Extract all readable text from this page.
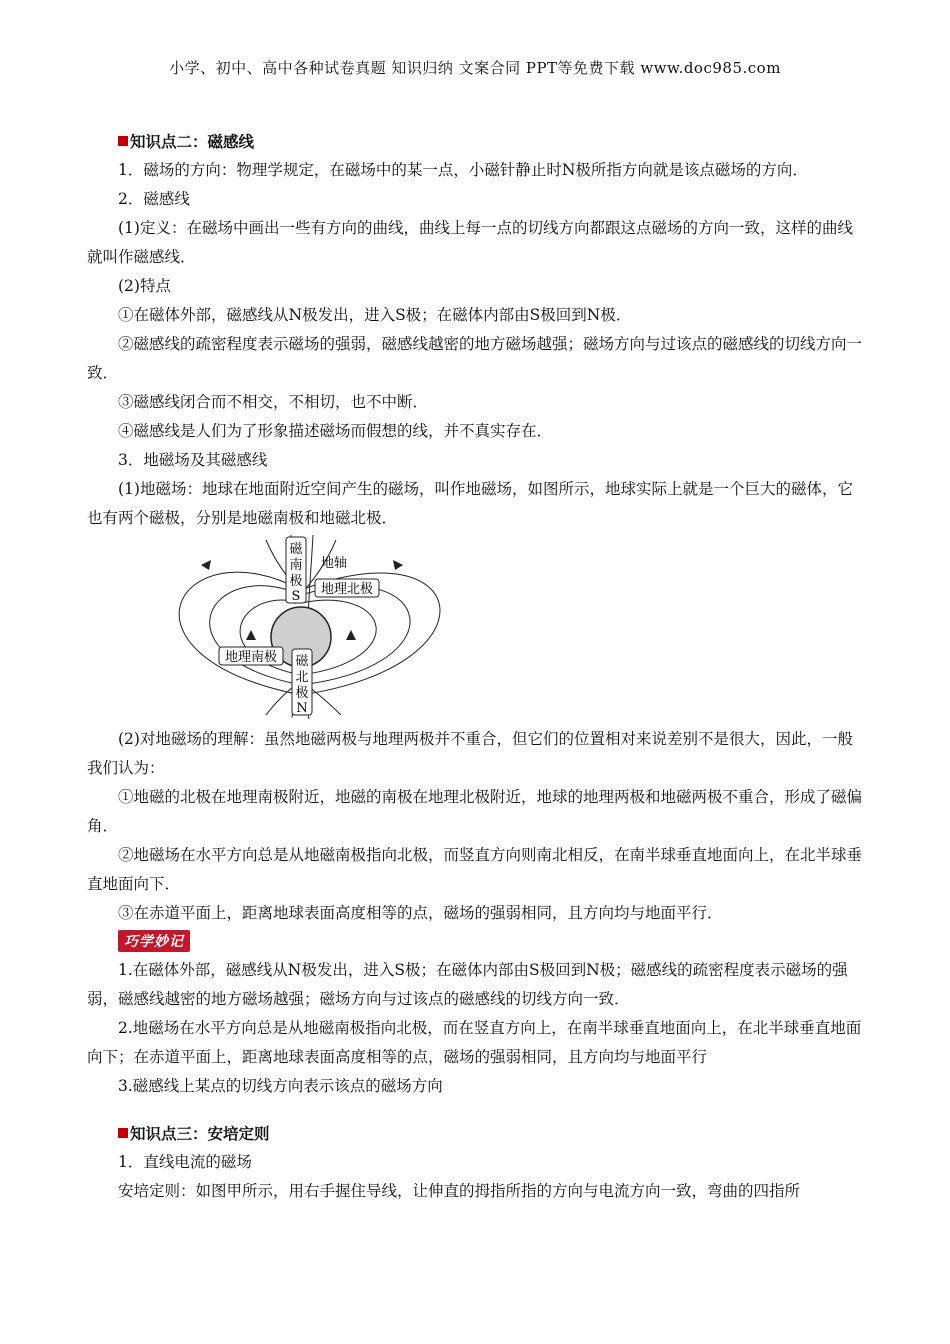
小学、初中、高中各种试卷真题 知识归纳 文案合同 PPT等免费下载 www.doc985.com
知识点二：磁感线

1．磁场的方向：物理学规定，在磁场中的某一点，小磁针静止时N极所指方向就是该点磁场的方向．

2．磁感线

(1)定义：在磁场中画出一些有方向的曲线，曲线上每一点的切线方向都跟这点磁场的方向一致，这样的曲线就叫作磁感线．

(2)特点

①在磁体外部，磁感线从N极发出，进入S极；在磁体内部由S极回到N极．

②磁感线的疏密程度表示磁场的强弱，磁感线越密的地方磁场越强；磁场方向与过该点的磁感线的切线方向一致．

③磁感线闭合而不相交，不相切，也不中断．

④磁感线是人们为了形象描述磁场而假想的线，并不真实存在．

3．地磁场及其磁感线

(1)地磁场：地球在地面附近空间产生的磁场，叫作地磁场，如图所示，地球实际上就是一个巨大的磁体，它也有两个磁极，分别是地磁南极和地磁北极．

磁
南
极
S
地轴
地理北极
地理南极 磁
北
极
N

(2)对地磁场的理解：虽然地磁两极与地理两极并不重合，但它们的位置相对来说差别不是很大，因此，一般我们认为：

①地磁的北极在地理南极附近，地磁的南极在地理北极附近，地球的地理两极和地磁两极不重合，形成了磁偏角．

②地磁场在水平方向总是从地磁南极指向北极，而竖直方向则南北相反，在南半球垂直地面向上，在北半球垂直地面向下．

③在赤道平面上，距离地球表面高度相等的点，磁场的强弱相同，且方向均与地面平行．

巧学妙记

1.在磁体外部，磁感线从N极发出，进入S极；在磁体内部由S极回到N极；磁感线的疏密程度表示磁场的强弱，磁感线越密的地方磁场越强；磁场方向与过该点的磁感线的切线方向一致．

2.地磁场在水平方向总是从地磁南极指向北极，而在竖直方向上，在南半球垂直地面向上，在北半球垂直地面向下；在赤道平面上，距离地球表面高度相等的点，磁场的强弱相同，且方向均与地面平行

3.磁感线上某点的切线方向表示该点的磁场方向

知识点三：安培定则

1．直线电流的磁场

安培定则：如图甲所示，用右手握住导线，让伸直的拇指所指的方向与电流方向一致，弯曲的四指所
